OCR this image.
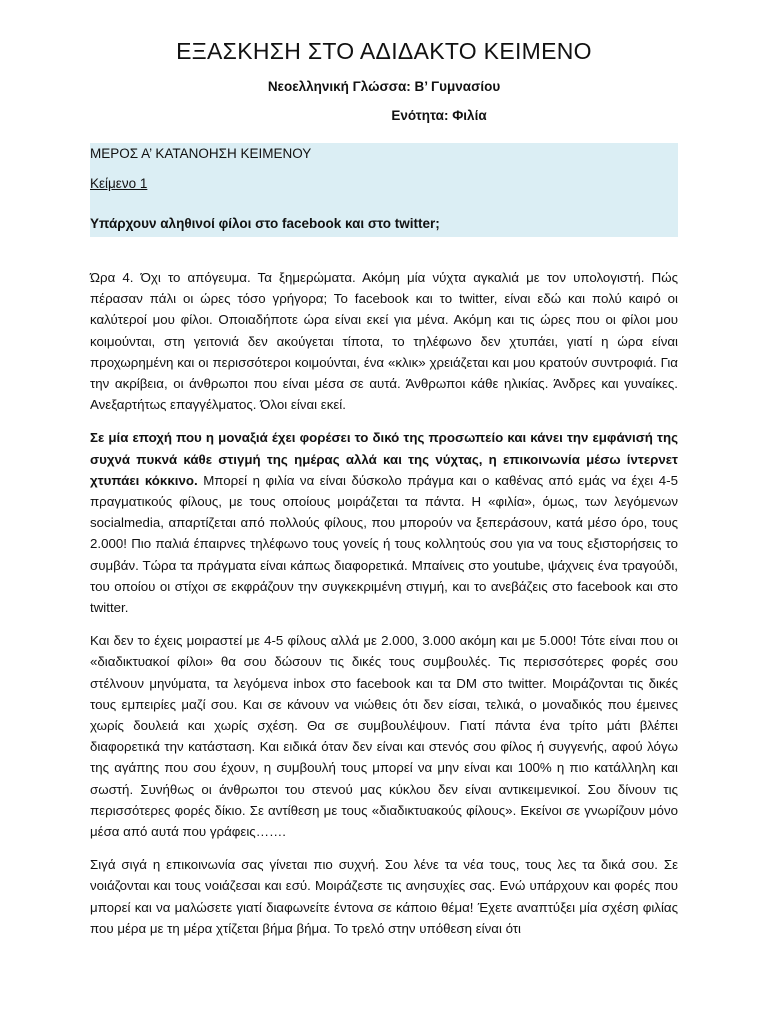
ΕΞΑΣΚΗΣΗ ΣΤΟ ΑΔΙΔΑΚΤΟ ΚΕΙΜΕΝΟ

Νεοελληνική Γλώσσα: Β’ Γυμνασίου

Ενότητα: Φιλία

ΜΕΡΟΣ Α’ ΚΑΤΑΝΟΗΣΗ ΚΕΙΜΕΝΟΥ

Κείμενο 1

Υπάρχουν αληθινοί φίλοι στο facebook και στο twitter;

Ώρα 4. Όχι το απόγευμα. Τα ξημερώματα. Ακόμη μία νύχτα αγκαλιά με τον υπολογιστή. Πώς πέρασαν πάλι οι ώρες τόσο γρήγορα; Το facebook και το twitter, είναι εδώ και πολύ καιρό οι καλύτεροί μου φίλοι. Οποιαδήποτε ώρα είναι εκεί για μένα. Ακόμη και τις ώρες που οι φίλοι μου κοιμούνται, στη γειτονιά δεν ακούγεται τίποτα, το τηλέφωνο δεν χτυπάει, γιατί η ώρα είναι προχωρημένη και οι περισσότεροι κοιμούνται, ένα «κλικ» χρειάζεται και μου κρατούν συντροφιά. Για την ακρίβεια, οι άνθρωποι που είναι μέσα σε αυτά. Άνθρωποι κάθε ηλικίας. Άνδρες και γυναίκες. Ανεξαρτήτως επαγγέλματος. Όλοι είναι εκεί.

Σε μία εποχή που η μοναξιά έχει φορέσει το δικό της προσωπείο και κάνει την εμφάνισή της συχνά πυκνά κάθε στιγμή της ημέρας αλλά και της νύχτας, η επικοινωνία μέσω ίντερνετ χτυπάει κόκκινο. Μπορεί η φιλία να είναι δύσκολο πράγμα και ο καθένας από εμάς να έχει 4-5 πραγματικούς φίλους, με τους οποίους μοιράζεται τα πάντα. Η «φιλία», όμως, των λεγόμενων socialmedia, απαρτίζεται από πολλούς φίλους, που μπορούν να ξεπεράσουν, κατά μέσο όρο, τους 2.000! Πιο παλιά έπαιρνες τηλέφωνο τους γονείς ή τους κολλητούς σου για να τους εξιστορήσεις το συμβάν. Τώρα τα πράγματα είναι κάπως διαφορετικά. Μπαίνεις στο youtube, ψάχνεις ένα τραγούδι, του οποίου οι στίχοι σε εκφράζουν την συγκεκριμένη στιγμή, και το ανεβάζεις στο facebook και στο twitter.

Και δεν το έχεις μοιραστεί με 4-5 φίλους αλλά με 2.000, 3.000 ακόμη και με 5.000! Τότε είναι που οι «διαδικτυακοί φίλοι» θα σου δώσουν τις δικές τους συμβουλές. Τις περισσότερες φορές σου στέλνουν μηνύματα, τα λεγόμενα inbox στο facebook και τα DM στο twitter. Μοιράζονται τις δικές τους εμπειρίες μαζί σου. Και σε κάνουν να νιώθεις ότι δεν είσαι, τελικά, ο μοναδικός που έμεινες χωρίς δουλειά και χωρίς σχέση. Θα σε συμβουλέψουν. Γιατί πάντα ένα τρίτο μάτι βλέπει διαφορετικά την κατάσταση. Και ειδικά όταν δεν είναι και στενός σου φίλος ή συγγενής, αφού λόγω της αγάπης που σου έχουν, η συμβουλή τους μπορεί να μην είναι και 100% η πιο κατάλληλη και σωστή. Συνήθως οι άνθρωποι του στενού μας κύκλου δεν είναι αντικειμενικοί. Σου δίνουν τις περισσότερες φορές δίκιο. Σε αντίθεση με τους «διαδικτυακούς φίλους». Εκείνοι σε γνωρίζουν μόνο μέσα από αυτά που γράφεις…….

Σιγά σιγά η επικοινωνία σας γίνεται πιο συχνή. Σου λένε τα νέα τους, τους λες τα δικά σου. Σε νοιάζονται και τους νοιάζεσαι και εσύ. Μοιράζεστε τις ανησυχίες σας. Ενώ υπάρχουν και φορές που μπορεί και να μαλώσετε γιατί διαφωνείτε έντονα σε κάποιο θέμα! Έχετε αναπτύξει μία σχέση φιλίας που μέρα με τη μέρα χτίζεται βήμα βήμα. Το τρελό στην υπόθεση είναι ότι
